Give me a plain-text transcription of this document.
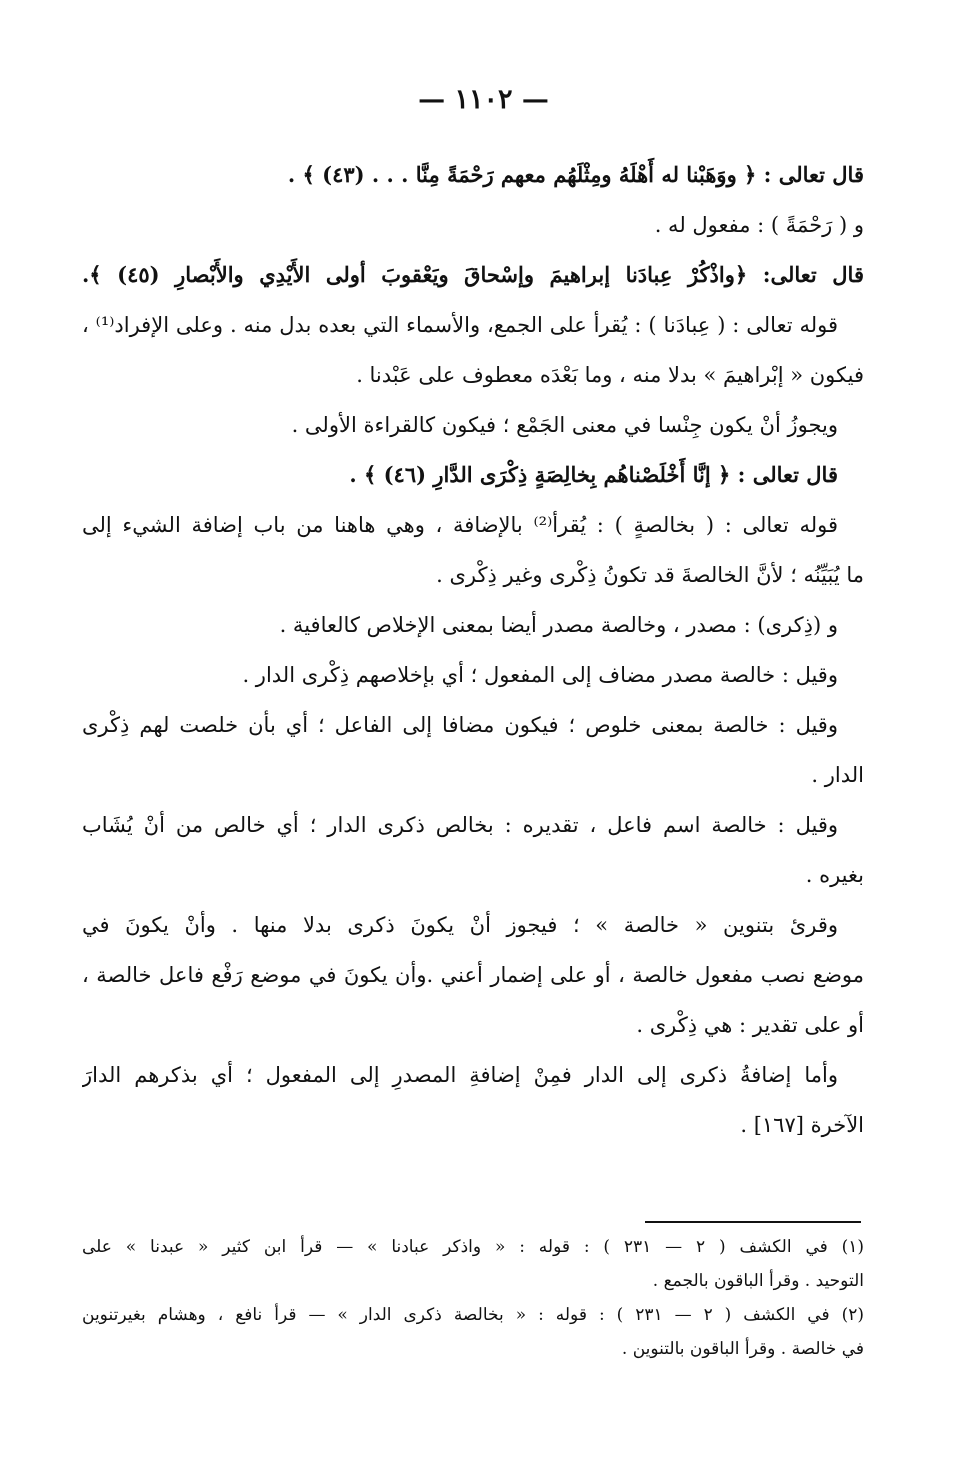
— ١١٠٢ —
قال تعالى : ﴿ ووَهَبْنا له أَهْلَهُ ومِثْلَهُم معهم رَحْمَةً مِنَّا . . . (٤٣) ﴾ .
و ( رَحْمَةً ) : مفعول له .
قال تعالى: ﴿واذْكُرْ عِبادَنا إبراهيمَ وإسْحاقَ ويَعْقوبَ أولى الأَيْدِي والأَبْصارِ (٤٥) ﴾.
قوله تعالى : ( عِبادَنا ) : يُقرأ على الجمع، والأسماء التي بعده بدل منه . وعلى الإفراد⁽¹⁾ ،
فيكون « إبْراهيمَ » بدلا منه ، وما بَعْدَه معطوف على عَبْدنا .
ويجوزُ أنْ يكون جِنْسا في معنى الجَمْع ؛ فيكون كالقراءة الأولى .
قال تعالى : ﴿ إنَّا أَخْلَصْناهُم بِخالِصَةٍ ذِكْرَى الدَّارِ (٤٦) ﴾ .
قوله تعالى : ( بخالصةٍ ) : يُقرأ⁽²⁾ بالإضافة ، وهي هاهنا من باب إضافة الشيء إلى
ما يُبَيِّنُه ؛ لأنَّ الخالصةَ قد تكونُ ذِكْرى وغير ذِكْرى .
و (ذِكرى) : مصدر ، وخالصة مصدر أيضا بمعنى الإخلاص كالعافية .
وقيل : خالصة مصدر مضاف إلى المفعول ؛ أي بإخلاصهم ذِكْرى الدار .
وقيل : خالصة بمعنى خلوص ؛ فيكون مضافا إلى الفاعل ؛ أي بأن خلصت لهم ذِكْرى
الدار .
وقيل : خالصة اسم فاعل ، تقديره : بخالص ذكرى الدار ؛ أي خالص من أنْ يُشَاب
بغيره .
وقرئ بتنوين « خالصة » ؛ فيجوز أنْ يكونَ ذكرى بدلا منها . وأنْ يكونَ في
موضع نصب مفعول خالصة ، أو على إضمار أعني .وأن يكونَ في موضع رَفْع فاعل خالصة ،
أو على تقدير : هي ذِكْرى .
وأما إضافةُ ذكرى إلى الدار فمِنْ إضافةِ المصدرِ إلى المفعول ؛ أي بذكرهم الدارَ
الآخرة [١٦٧] .
(١) في الكشف ( ٢ — ٢٣١ ) : قوله : « واذكر عبادنا » — قرأ ابن كثير « عبدنا » على
التوحيد . وقرأ الباقون بالجمع .
(٢) في الكشف ( ٢ — ٢٣١ ) : قوله : « بخالصة ذكرى الدار » — قرأ نافع ، وهشام بغيرتنوين
في خالصة . وقرأ الباقون بالتنوين .
